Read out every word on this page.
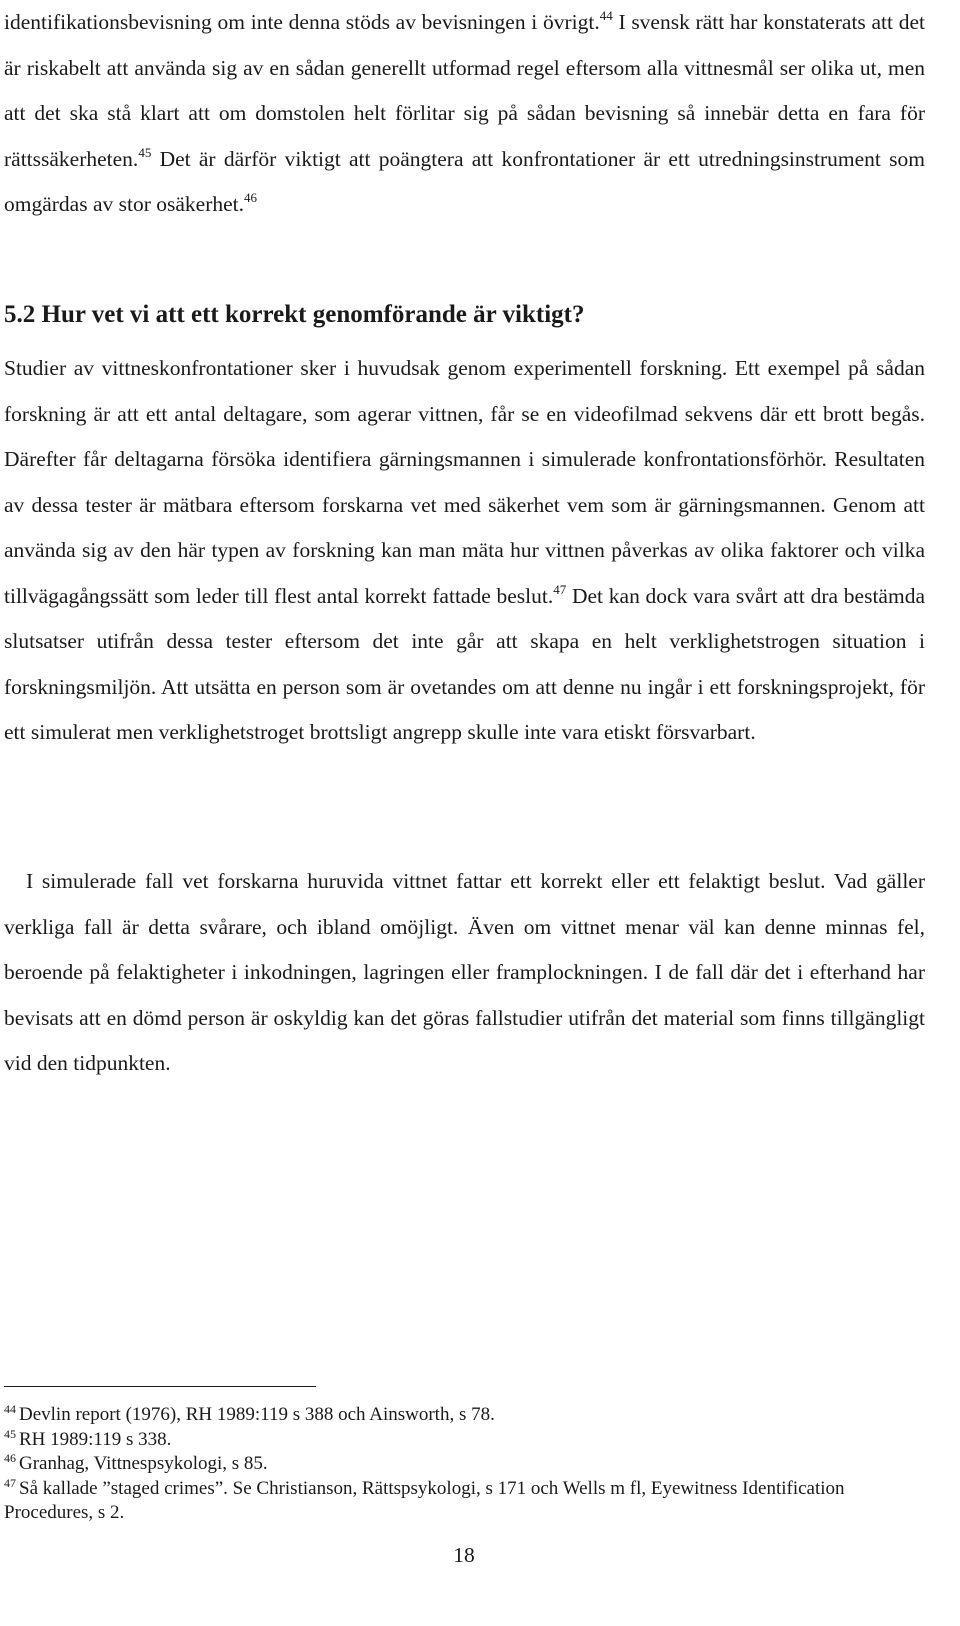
identifikationsbevisning om inte denna stöds av bevisningen i övrigt.$^{44}$ I svensk rätt har konstaterats att det är riskabelt att använda sig av en sådan generellt utformad regel eftersom alla vittnesmål ser olika ut, men att det ska stå klart att om domstolen helt förlitar sig på sådan bevisning så innebär detta en fara för rättssäkerheten.$^{45}$ Det är därför viktigt att poängtera att konfrontationer är ett utredningsinstrument som omgärdas av stor osäkerhet.$^{46}$

5.2 Hur vet vi att ett korrekt genomförande är viktigt?

Studier av vittneskonfrontationer sker i huvudsak genom experimentell forskning. Ett exempel på sådan forskning är att ett antal deltagare, som agerar vittnen, får se en videofilmad sekvens där ett brott begås. Därefter får deltagarna försöka identifiera gärningsmannen i simulerade konfrontationsförhör. Resultaten av dessa tester är mätbara eftersom forskarna vet med säkerhet vem som är gärningsmannen. Genom att använda sig av den här typen av forskning kan man mäta hur vittnen påverkas av olika faktorer och vilka tillvägagångssätt som leder till flest antal korrekt fattade beslut.$^{47}$ Det kan dock vara svårt att dra bestämda slutsatser utifrån dessa tester eftersom det inte går att skapa en helt verklighetstrogen situation i forskningsmiljön. Att utsätta en person som är ovetandes om att denne nu ingår i ett forskningsprojekt, för ett simulerat men verklighetstroget brottsligt angrepp skulle inte vara etiskt försvarbart.

I simulerade fall vet forskarna huruvida vittnet fattar ett korrekt eller ett felaktigt beslut. Vad gäller verkliga fall är detta svårare, och ibland omöjligt. Även om vittnet menar väl kan denne minnas fel, beroende på felaktigheter i inkodningen, lagringen eller framplockningen. I de fall där det i efterhand har bevisats att en dömd person är oskyldig kan det göras fallstudier utifrån det material som finns tillgängligt vid den tidpunkten.

$^{44}$ Devlin report (1976), RH 1989:119 s 388 och Ainsworth, s 78.

$^{45}$ RH 1989:119 s 338.

$^{46}$ Granhag, Vittnespsykologi, s 85.

$^{47}$ Så kallade ”staged crimes”. Se Christianson, Rättspsykologi, s 171 och Wells m fl, Eyewitness Identification Procedures, s 2.

18
